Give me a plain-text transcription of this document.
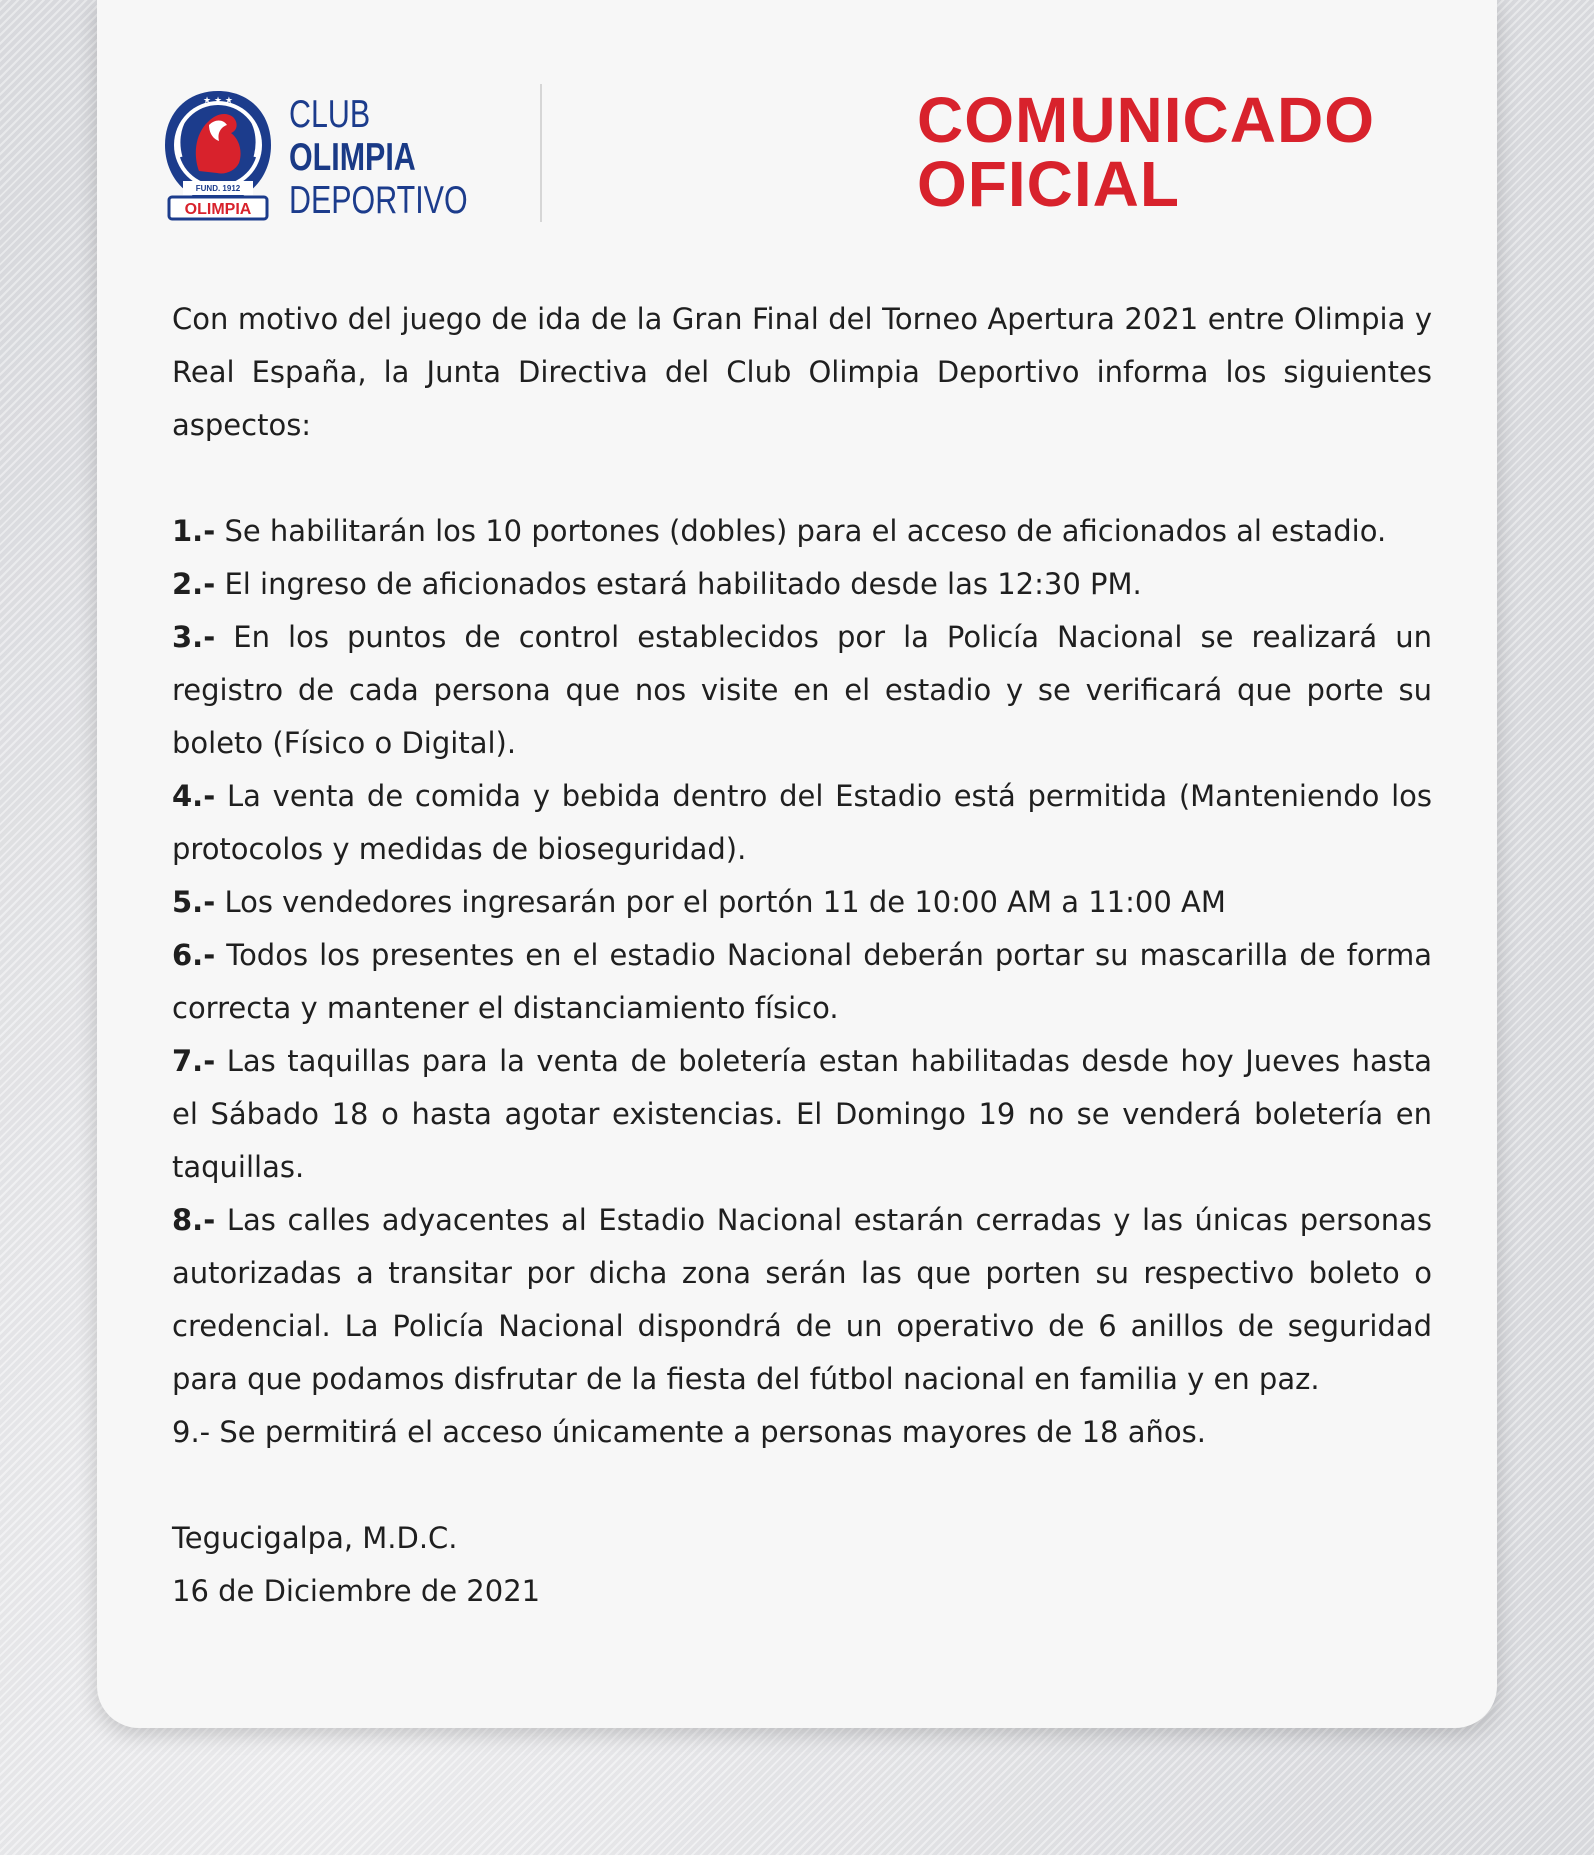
★ ★ ★
FUND. 1912
OLIMPIA
CLUB
OLIMPIA
DEPORTIVO
COMUNICADO
OFICIAL

Con motivo del juego de ida de la Gran Final del Torneo Apertura 2021 entre Olimpia y Real España, la Junta Directiva del Club Olimpia Deportivo informa los siguientes aspectos:

1.- Se habilitarán los 10 portones (dobles) para el acceso de aficionados al estadio.
2.- El ingreso de aficionados estará habilitado desde las 12:30 PM.
3.- En los puntos de control establecidos por la Policía Nacional se realizará un registro de cada persona que nos visite en el estadio y se verificará que porte su boleto (Físico o Digital).
4.- La venta de comida y bebida dentro del Estadio está permitida (Manteniendo los protocolos y medidas de bioseguridad).
5.- Los vendedores ingresarán por el portón 11 de 10:00 AM a 11:00 AM
6.- Todos los presentes en el estadio Nacional deberán portar su mascarilla de forma correcta y mantener el distanciamiento físico.
7.- Las taquillas para la venta de boletería estan habilitadas desde hoy Jueves hasta el Sábado 18 o hasta agotar existencias. El Domingo 19 no se venderá boletería en taquillas.
8.- Las calles adyacentes al Estadio Nacional estarán cerradas y las únicas personas autorizadas a transitar por dicha zona serán las que porten su respectivo boleto o credencial. La Policía Nacional dispondrá de un operativo de 6 anillos de seguridad para que podamos disfrutar de la fiesta del fútbol nacional en familia y en paz.
9.- Se permitirá el acceso únicamente a personas mayores de 18 años.
Tegucigalpa, M.D.C.
16 de Diciembre de 2021
